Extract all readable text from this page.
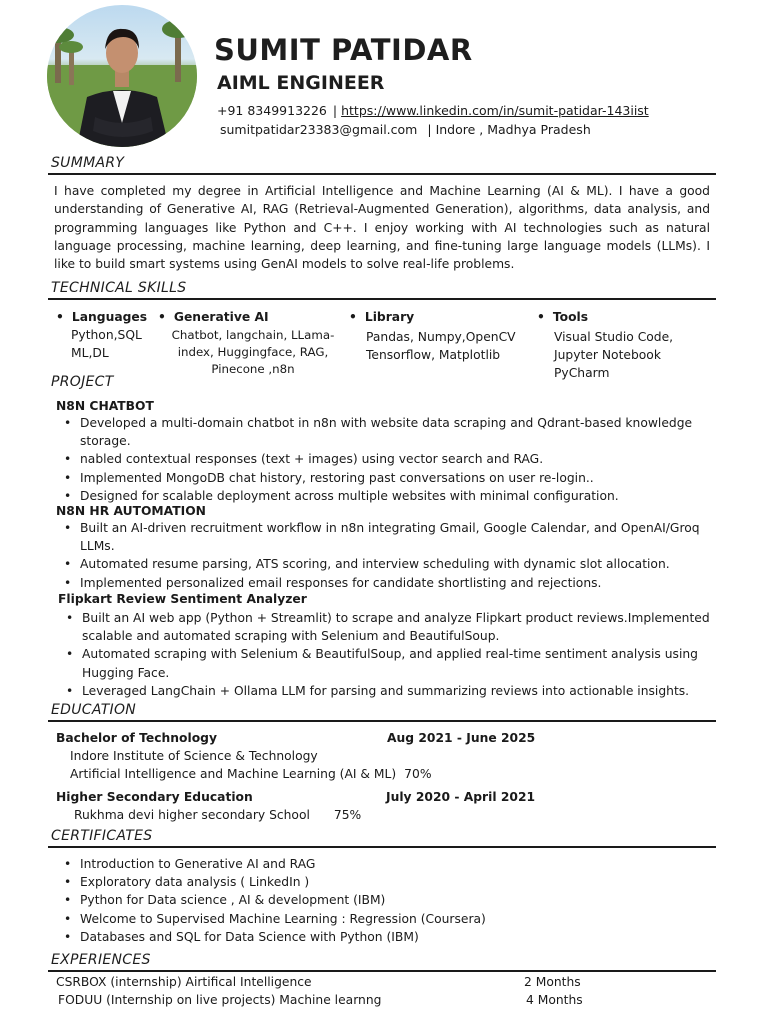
SUMIT PATIDAR
AIML ENGINEER
+91 8349913226 | https://www.linkedin.com/in/sumit-patidar-143iist
sumitpatidar23383@gmail.com | Indore , Madhya Pradesh
SUMMARY
I have completed my degree in Artificial Intelligence and Machine Learning (AI & ML). I have a good understanding of Generative AI, RAG (Retrieval-Augmented Generation), algorithms, data analysis, and programming languages like Python and C++. I enjoy working with AI technologies such as natural language processing, machine learning, deep learning, and fine-tuning large language models (LLMs). I like to build smart systems using GenAI models to solve real-life problems.
TECHNICAL SKILLS
• Languages
Python,SQL
ML,DL
• Generative AI
Chatbot, langchain, LLama-
index, Huggingface, RAG,
Pinecone ,n8n
• Library
Pandas, Numpy,OpenCV
Tensorflow, Matplotlib
• Tools
Visual Studio Code,
Jupyter Notebook
PyCharm
PROJECT
N8N CHATBOT
• Developed a multi-domain chatbot in n8n with website data scraping and Qdrant-based knowledge storage.
• nabled contextual responses (text + images) using vector search and RAG.
• Implemented MongoDB chat history, restoring past conversations on user re-login..
• Designed for scalable deployment across multiple websites with minimal configuration.
N8N HR AUTOMATION
• Built an AI-driven recruitment workflow in n8n integrating Gmail, Google Calendar, and OpenAI/Groq LLMs.
• Automated resume parsing, ATS scoring, and interview scheduling with dynamic slot allocation.
• Implemented personalized email responses for candidate shortlisting and rejections.
Flipkart Review Sentiment Analyzer
• Built an AI web app (Python + Streamlit) to scrape and analyze Flipkart product reviews.Implemented scalable and automated scraping with Selenium and BeautifulSoup.
• Automated scraping with Selenium & BeautifulSoup, and applied real-time sentiment analysis using Hugging Face.
• Leveraged LangChain + Ollama LLM for parsing and summarizing reviews into actionable insights.
EDUCATION
Bachelor of Technology	Aug 2021 - June 2025
Indore Institute of Science & Technology
Artificial Intelligence and Machine Learning (AI & ML) 70%
Higher Secondary Education	July 2020 - April 2021
Rukhma devi higher secondary School 75%
CERTIFICATES
• Introduction to Generative AI and RAG
• Exploratory data analysis ( LinkedIn )
• Python for Data science , AI & development (IBM)
• Welcome to Supervised Machine Learning : Regression (Coursera)
• Databases and SQL for Data Science with Python (IBM)
EXPERIENCES
CSRBOX (internship) Airtifical Intelligence	2 Months
FODUU (Internship on live projects) Machine learnng	4 Months
